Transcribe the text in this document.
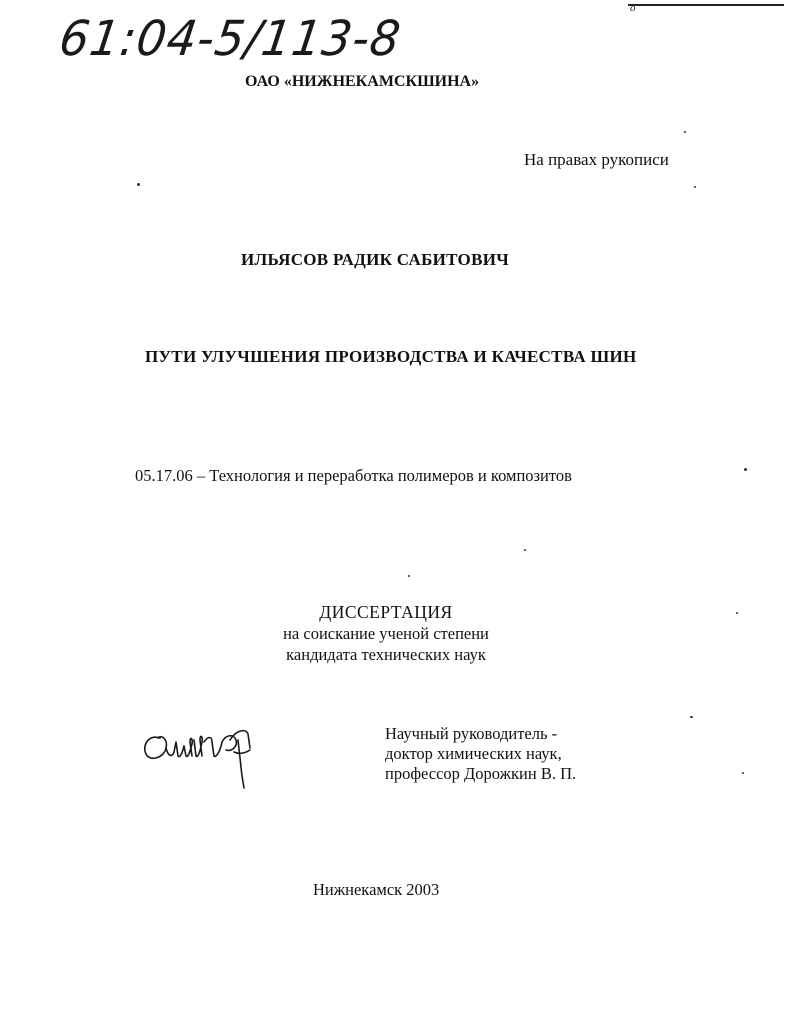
o
61:04-5/113-8
ОАО «НИЖНЕКАМСКШИНА»
На правах рукописи
ИЛЬЯСОВ РАДИК САБИТОВИЧ
ПУТИ УЛУЧШЕНИЯ ПРОИЗВОДСТВА И КАЧЕСТВА ШИН
05.17.06 – Технология и переработка полимеров и композитов
ДИССЕРТАЦИЯ
на соискание ученой степени
кандидата технических наук
Научный руководитель -
доктор химических наук,
профессор Дорожкин В. П.
Нижнекамск 2003
